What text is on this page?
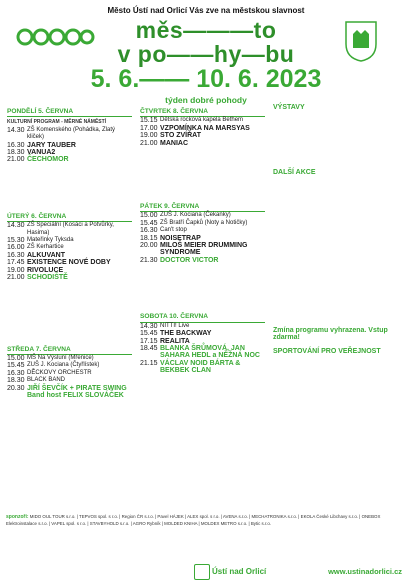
Město Ústí nad Orlicí Vás zve na městskou slavnost
měs———to
v po——hy—bu
5. 6.—— 10. 6. 2023
týden dobré pohody
PONDĚLÍ 5. ČERVNA
KULTURNÍ PROGRAM - MĚRNÉ NÁMĚSTÍ
14.30 ZŠ Komenského (Pohádka, Zlatý kliček)
16.30 JARY TAUBER
18.30 VANUA2
21.00 ČECHOMOR
ÚTERÝ 6. ČERVNA
14.30 ZŠ Speciální (Kosáci a Potvůrky, Hasima)
15.30 Mateřinky Tyksda
16.00 ZŠ Kerhartice
16.30 ALKUVANT
17.45 EXISTENCE NOVÉ DOBY
19.00 RIVOLUCE
21.00 SCHODIŠTĚ
STŘEDA 7. ČERVNA
15.00 MŠ Na Výsluní (Mřenice)
15.45 ZUŠ J. Kociana (Čtyřlístek)
16.30 DĚCKOVY ORCHESTR
18.30 BLACK BAND
20.30 JIŘÍ ŠEVČÍK + PIRATE SWING Band host FELIX SLOVÁČEK
ČTVRTEK 8. ČERVNA
15.15 Dětská rocková kapela Bethem
17.00 VZPOMÍNKA NA MARSYAS
19.00 STO ZVÍŘAT
21.00 MANIAC
PÁTEK 9. ČERVNA
15.00 ZUŠ J. Kociana (Čekanky)
15.45 ZŠ Bratří Čapků (Noty a Notičky)
16.30 Can't stop
18.15 NOISETRAP
20.00 MILOŠ MEIER DRUMMING SYNDROME
21.30 DOCTOR VICTOR
SOBOTA 10. ČERVNA
14.30 NITTI! Live
15.45 THE BACKWAY
17.15 REALITA
18.45 BLANKA ŠRŮMOVÁ, JAN SAHARA HEDL a NĚŽNÁ NOC
21.15 VÁCLAV NOID BÁRTA & BEKBEK CLAN
VÝSTAVY
DALŠÍ AKCE
Zmína programu vyhrazena. Vstup zdarma!
SPORTOVÁNÍ PRO VEŘEJNOST
sponzoři: MIDO OUL TOUR s.r.o. | TEPVOS spol. s r.o. | Region ČR s.r.o. | Pavel HÁJEK | ALEX spol. s r.o. | AVENA s.r.o. | MECHATRONIKA s.r.o. | EKOLA České Libchavy s.r.o. | ONEBOX Elektroinstalace s.r.o. | VAPEL spol. s r.o. | STAVBYHOLD s.r.o. | AGRO Rybník | MOLDED KNIHA | MOLDEX METRO s.r.o. | Bytic s.r.o.
Ústí nad Orlicí	www.ustinadorlici.cz
